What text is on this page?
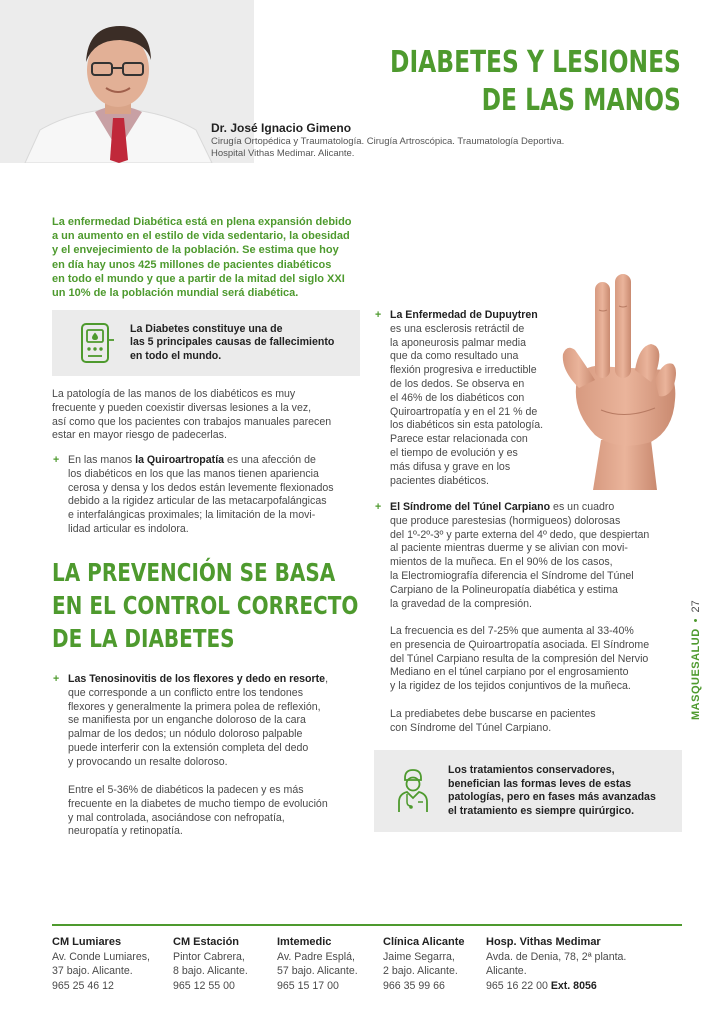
DIABETES Y LESIONES
DE LAS MANOS
Dr. José Ignacio Gimeno
Cirugía Ortopédica y Traumatología. Cirugía Artroscópica. Traumatología Deportiva.
Hospital Vithas Medimar. Alicante.
La enfermedad Diabética está en plena expansión debido
a un aumento en el estilo de vida sedentario, la obesidad
y el envejecimiento de la población. Se estima que hoy
en día hay unos 425 millones de pacientes diabéticos
en todo el mundo y que a partir de la mitad del siglo XXI
un 10% de la población mundial será diabética.
La Diabetes constituye una de
las 5 principales causas de fallecimiento
en todo el mundo.
La patología de las manos de los diabéticos es muy
frecuente y pueden coexistir diversas lesiones a la vez,
así como que los pacientes con trabajos manuales parecen
estar en mayor riesgo de padecerlas.
+ En las manos la Quiroartropatía es una afección de
los diabéticos en los que las manos tienen apariencia
cerosa y densa y los dedos están levemente flexionados
debido a la rigidez articular de las metacarpofalángicas
e interfalángicas proximales; la limitación de la movi-
lidad articular es indolora.
LA PREVENCIÓN SE BASA
EN EL CONTROL CORRECTO
DE LA DIABETES
+ Las Tenosinovitis de los flexores y dedo en resorte,
que corresponde a un conflicto entre los tendones
flexores y generalmente la primera polea de reflexión,
se manifiesta por un enganche doloroso de la cara
palmar de los dedos; un nódulo doloroso palpable
puede interferir con la extensión completa del dedo
y provocando un resalte doloroso.
Entre el 5-36% de diabéticos la padecen y es más
frecuente en la diabetes de mucho tiempo de evolución
y mal controlada, asociándose con nefropatía,
neuropatía y retinopatía.
+ La Enfermedad de Dupuytren
es una esclerosis retráctil de
la aponeurosis palmar media
que da como resultado una
flexión progresiva e irreductible
de los dedos. Se observa en
el 46% de los diabéticos con
Quiroartropatía y en el 21 % de
los diabéticos sin esta patología.
Parece estar relacionada con
el tiempo de evolución y es
más difusa y grave en los
pacientes diabéticos.
+ El Síndrome del Túnel Carpiano es un cuadro
que produce parestesias (hormigueos) dolorosas
del 1º-2º-3º y parte externa del 4º dedo, que despiertan
al paciente mientras duerme y se alivian con movi-
mientos de la muñeca. En el 90% de los casos,
la Electromiografía diferencia el Síndrome del Túnel
Carpiano de la Polineuropatía diabética y estima
la gravedad de la compresión.
La frecuencia es del 7-25% que aumenta al 33-40%
en presencia de Quiroartropatía asociada. El Síndrome
del Túnel Carpiano resulta de la compresión del Nervio
Mediano en el túnel carpiano por el engrosamiento
y la rigidez de los tejidos conjuntivos de la muñeca.
La prediabetes debe buscarse en pacientes
con Síndrome del Túnel Carpiano.
Los tratamientos conservadores,
benefician las formas leves de estas
patologías, pero en fases más avanzadas
el tratamiento es siempre quirúrgico.
MASQUESALUD•27
CM Lumiares
Av. Conde Lumiares,
37 bajo. Alicante.
965 25 46 12
CM Estación
Pintor Cabrera,
8 bajo. Alicante.
965 12 55 00
Imtemedic
Av. Padre Esplá,
57 bajo. Alicante.
965 15 17 00
Clínica Alicante
Jaime Segarra,
2 bajo. Alicante.
966 35 99 66
Hosp. Vithas Medimar
Avda. de Denia, 78, 2ª planta.
Alicante.
965 16 22 00 Ext. 8056
